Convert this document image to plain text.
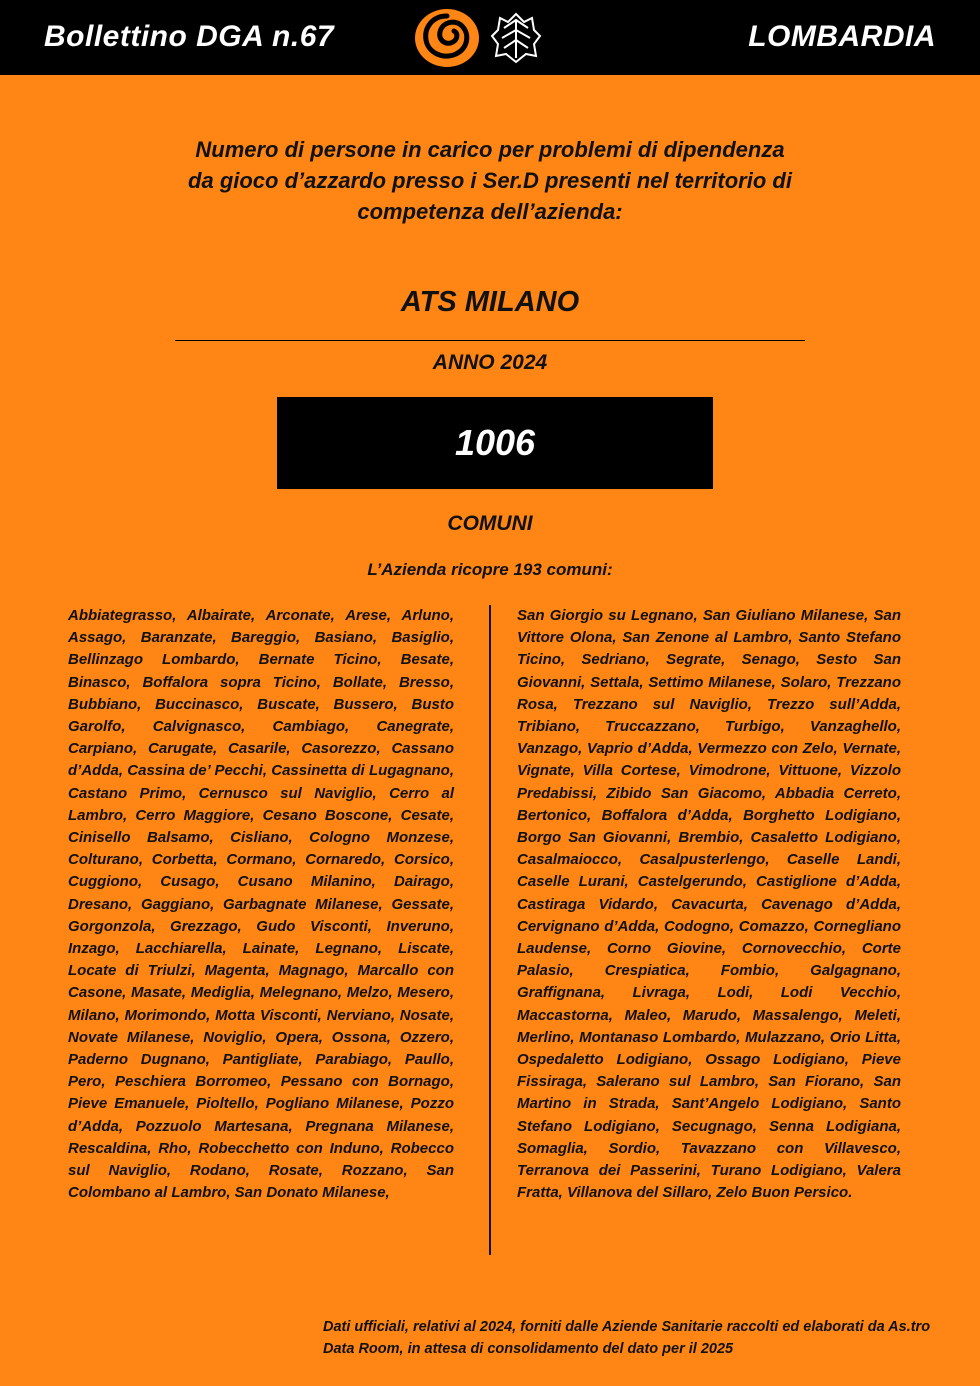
Bollettino DGA n.67	LOMBARDIA
Numero di persone in carico per problemi di dipendenza
da gioco d’azzardo presso i Ser.D presenti nel territorio di
competenza dell’azienda:
ATS MILANO
ANNO 2024
1006
COMUNI
L’Azienda ricopre 193 comuni:
Abbiategrasso, Albairate, Arconate, Arese, Arluno, Assago, Baranzate, Bareggio, Basiano, Basiglio, Bellinzago Lombardo, Bernate Ticino, Besate, Binasco, Boffalora sopra Ticino, Bollate, Bresso, Bubbiano, Buccinasco, Buscate, Bussero, Busto Garolfo, Calvignasco, Cambiago, Canegrate, Carpiano, Carugate, Casarile, Casorezzo, Cassano d’Adda, Cassina de’ Pecchi, Cassinetta di Lugagnano, Castano Primo, Cernusco sul Naviglio, Cerro al Lambro, Cerro Maggiore, Cesano Boscone, Cesate, Cinisello Balsamo, Cisliano, Cologno Monzese, Colturano, Corbetta, Cormano, Cornaredo, Corsico, Cuggiono, Cusago, Cusano Milanino, Dairago, Dresano, Gaggiano, Garbagnate Milanese, Gessate, Gorgonzola, Grezzago, Gudo Visconti, Inveruno, Inzago, Lacchiarella, Lainate, Legnano, Liscate, Locate di Triulzi, Magenta, Magnago, Marcallo con Casone, Masate, Mediglia, Melegnano, Melzo, Mesero, Milano, Morimondo, Motta Visconti, Nerviano, Nosate, Novate Milanese, Noviglio, Opera, Ossona, Ozzero, Paderno Dugnano, Pantigliate, Parabiago, Paullo, Pero, Peschiera Borromeo, Pessano con Bornago, Pieve Emanuele, Pioltello, Pogliano Milanese, Pozzo d’Adda, Pozzuolo Martesana, Pregnana Milanese, Rescaldina, Rho, Robecchetto con Induno, Robecco sul Naviglio, Rodano, Rosate, Rozzano, San Colombano al Lambro, San Donato Milanese,
San Giorgio su Legnano, San Giuliano Milanese, San Vittore Olona, San Zenone al Lambro, Santo Stefano Ticino, Sedriano, Segrate, Senago, Sesto San Giovanni, Settala, Settimo Milanese, Solaro, Trezzano Rosa, Trezzano sul Naviglio, Trezzo sull’Adda, Tribiano, Truccazzano, Turbigo, Vanzaghello, Vanzago, Vaprio d’Adda, Vermezzo con Zelo, Vernate, Vignate, Villa Cortese, Vimodrone, Vittuone, Vizzolo Predabissi, Zibido San Giacomo, Abbadia Cerreto, Bertonico, Boffalora d’Adda, Borghetto Lodigiano, Borgo San Giovanni, Brembio, Casaletto Lodigiano, Casalmaiocco, Casalpusterlengo, Caselle Landi, Caselle Lurani, Castelgerundo, Castiglione d’Adda, Castiraga Vidardo, Cavacurta, Cavenago d’Adda, Cervignano d’Adda, Codogno, Comazzo, Cornegliano Laudense, Corno Giovine, Cornovecchio, Corte Palasio, Crespiatica, Fombio, Galgagnano, Graffignana, Livraga, Lodi, Lodi Vecchio, Maccastorna, Maleo, Marudo, Massalengo, Meleti, Merlino, Montanaso Lombardo, Mulazzano, Orio Litta, Ospedaletto Lodigiano, Ossago Lodigiano, Pieve Fissiraga, Salerano sul Lambro, San Fiorano, San Martino in Strada, Sant’Angelo Lodigiano, Santo Stefano Lodigiano, Secugnago, Senna Lodigiana, Somaglia, Sordio, Tavazzano con Villavesco, Terranova dei Passerini, Turano Lodigiano, Valera Fratta, Villanova del Sillaro, Zelo Buon Persico.
Dati ufficiali, relativi al 2024, forniti dalle Aziende Sanitarie raccolti ed elaborati da As.tro Data Room, in attesa di consolidamento del dato per il 2025
